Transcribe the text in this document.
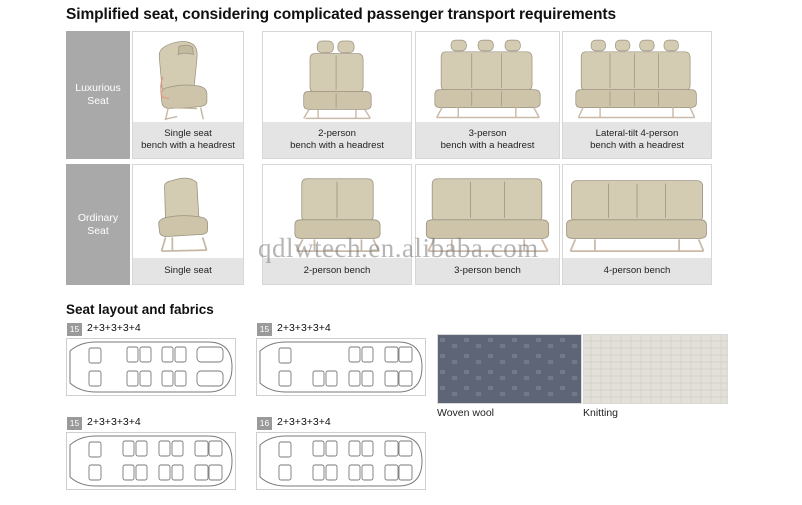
Simplified seat, considering complicated passenger transport requirements
Luxurious
Seat
Single seat
bench with a headrest
2-person
bench with a headrest
3-person
bench with a headrest
Lateral-tilt 4-person
bench with a headrest
Ordinary
Seat
Single seat	2-person bench	3-person bench	4-person bench
Seat layout and fabrics
15 2+3+3+3+4	15 2+3+3+3+4
15 2+3+3+3+4	16 2+3+3+3+4
Woven wool	Knitting
qdlwtech.en.alibaba.com
